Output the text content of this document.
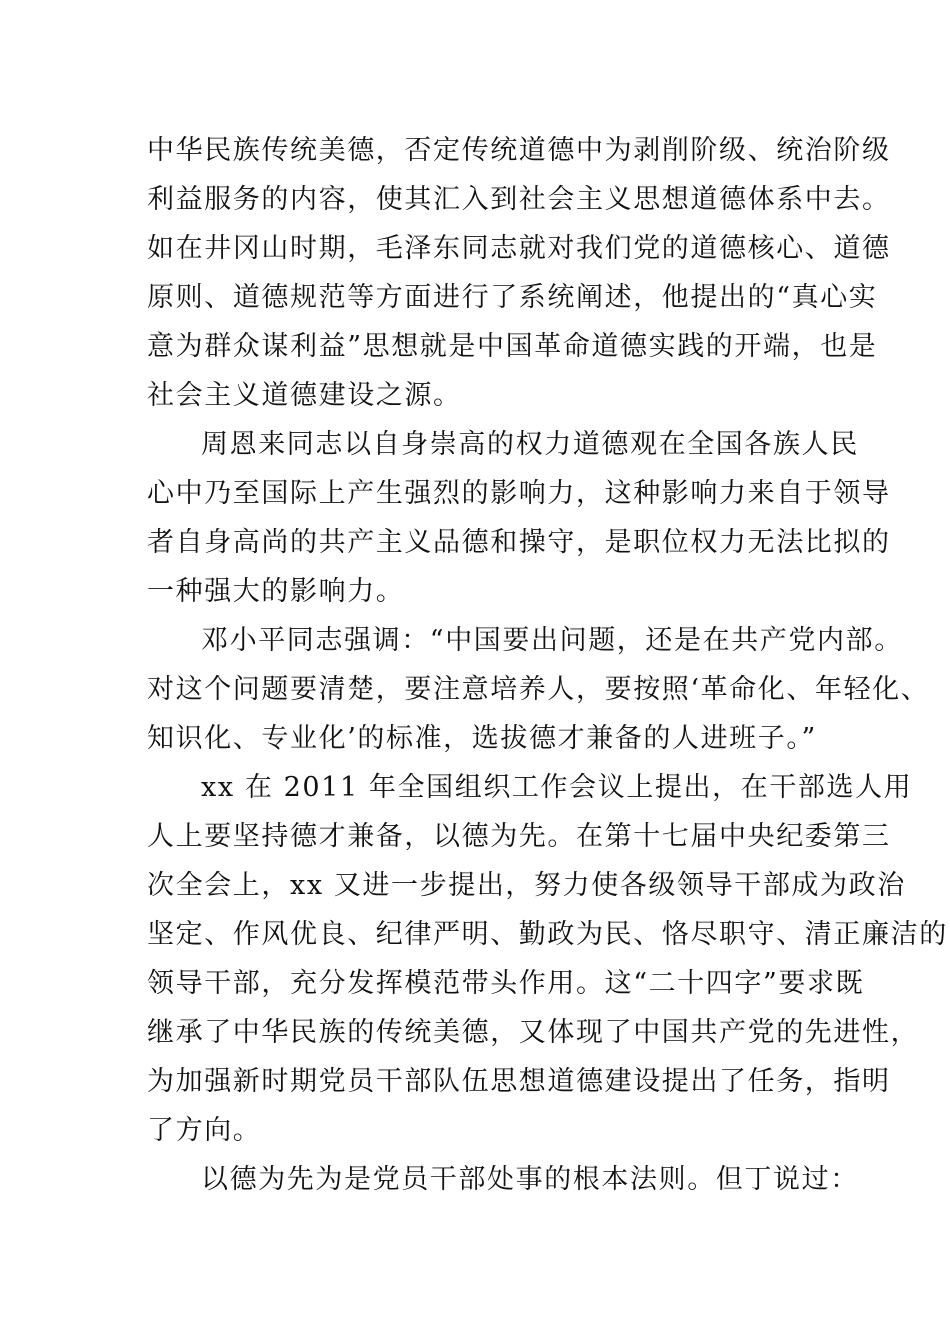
中华民族传统美德，否定传统道德中为剥削阶级、统治阶级
利益服务的内容，使其汇入到社会主义思想道德体系中去。
如在井冈山时期，毛泽东同志就对我们党的道德核心、道德
原则、道德规范等方面进行了系统阐述，他提出的“真心实
意为群众谋利益”思想就是中国革命道德实践的开端，也是
社会主义道德建设之源。
周恩来同志以自身崇高的权力道德观在全国各族人民
心中乃至国际上产生强烈的影响力，这种影响力来自于领导
者自身高尚的共产主义品德和操守，是职位权力无法比拟的
一种强大的影响力。
邓小平同志强调：“中国要出问题，还是在共产党内部。
对这个问题要清楚，要注意培养人，要按照‘革命化、年轻化、
知识化、专业化’的标准，选拔德才兼备的人进班子。”
xx 在 2011 年全国组织工作会议上提出，在干部选人用
人上要坚持德才兼备，以德为先。在第十七届中央纪委第三
次全会上，xx 又进一步提出，努力使各级领导干部成为政治
坚定、作风优良、纪律严明、勤政为民、恪尽职守、清正廉洁的
领导干部，充分发挥模范带头作用。这“二十四字”要求既
继承了中华民族的传统美德，又体现了中国共产党的先进性，
为加强新时期党员干部队伍思想道德建设提出了任务，指明
了方向。
以德为先为是党员干部处事的根本法则。但丁说过：
